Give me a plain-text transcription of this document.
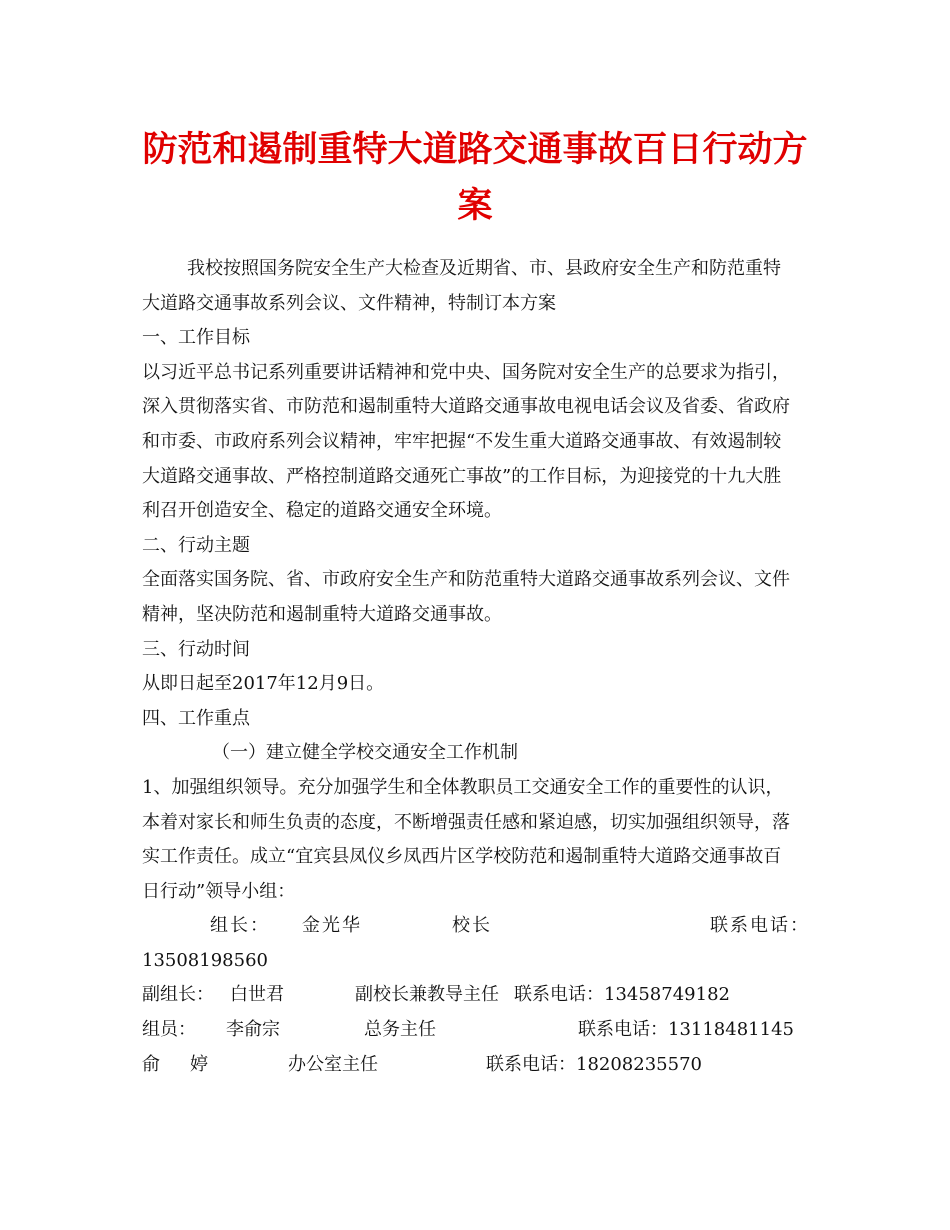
防范和遏制重特大道路交通事故百日行动方
案
我校按照国务院安全生产大检查及近期省、市、县政府安全生产和防范重特
大道路交通事故系列会议、文件精神，特制订本方案
一、工作目标
以习近平总书记系列重要讲话精神和党中央、国务院对安全生产的总要求为指引，
深入贯彻落实省、市防范和遏制重特大道路交通事故电视电话会议及省委、省政府
和市委、市政府系列会议精神，牢牢把握“不发生重大道路交通事故、有效遏制较
大道路交通事故、严格控制道路交通死亡事故”的工作目标，为迎接党的十九大胜
利召开创造安全、稳定的道路交通安全环境。
二、行动主题
全面落实国务院、省、市政府安全生产和防范重特大道路交通事故系列会议、文件
精神，坚决防范和遏制重特大道路交通事故。
三、行动时间
从即日起至2017年12月9日。
四、工作重点
（一）建立健全学校交通安全工作机制
1、加强组织领导。充分加强学生和全体教职员工交通安全工作的重要性的认识，
本着对家长和师生负责的态度，不断增强责任感和紧迫感，切实加强组织领导，落
实工作责任。成立“宜宾县凤仪乡凤西片区学校防范和遏制重特大道路交通事故百
日行动”领导小组：
组长： 金光华	校长	联系电话：
13508198560
副组长： 白世君	副校长兼教导主任 联系电话： 13458749182
组员： 李俞宗	总务主任	联系电话： 13118481145
俞　婷	办公室主任	联系电话： 18208235570
